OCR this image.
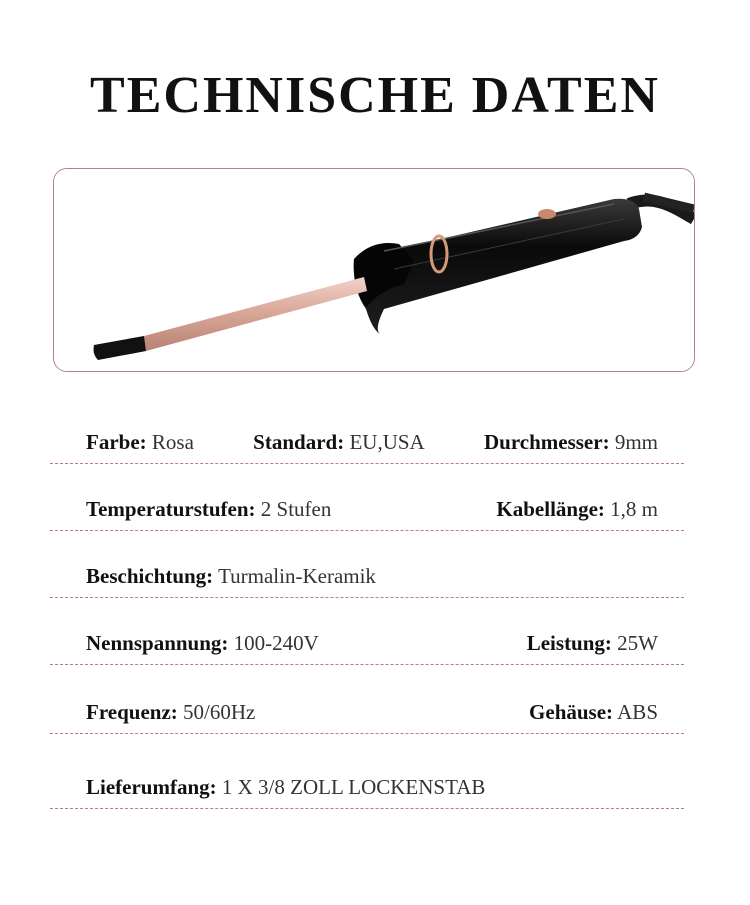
TECHNISCHE DATEN
Farbe: Rosa	Standard: EU,USA	Durchmesser: 9mm
Temperaturstufen: 2 Stufen	Kabellänge: 1,8 m
Beschichtung: Turmalin-Keramik
Nennspannung: 100-240V	Leistung: 25W
Frequenz: 50/60Hz	Gehäuse: ABS
Lieferumfang: 1 X 3/8 ZOLL LOCKENSTAB
